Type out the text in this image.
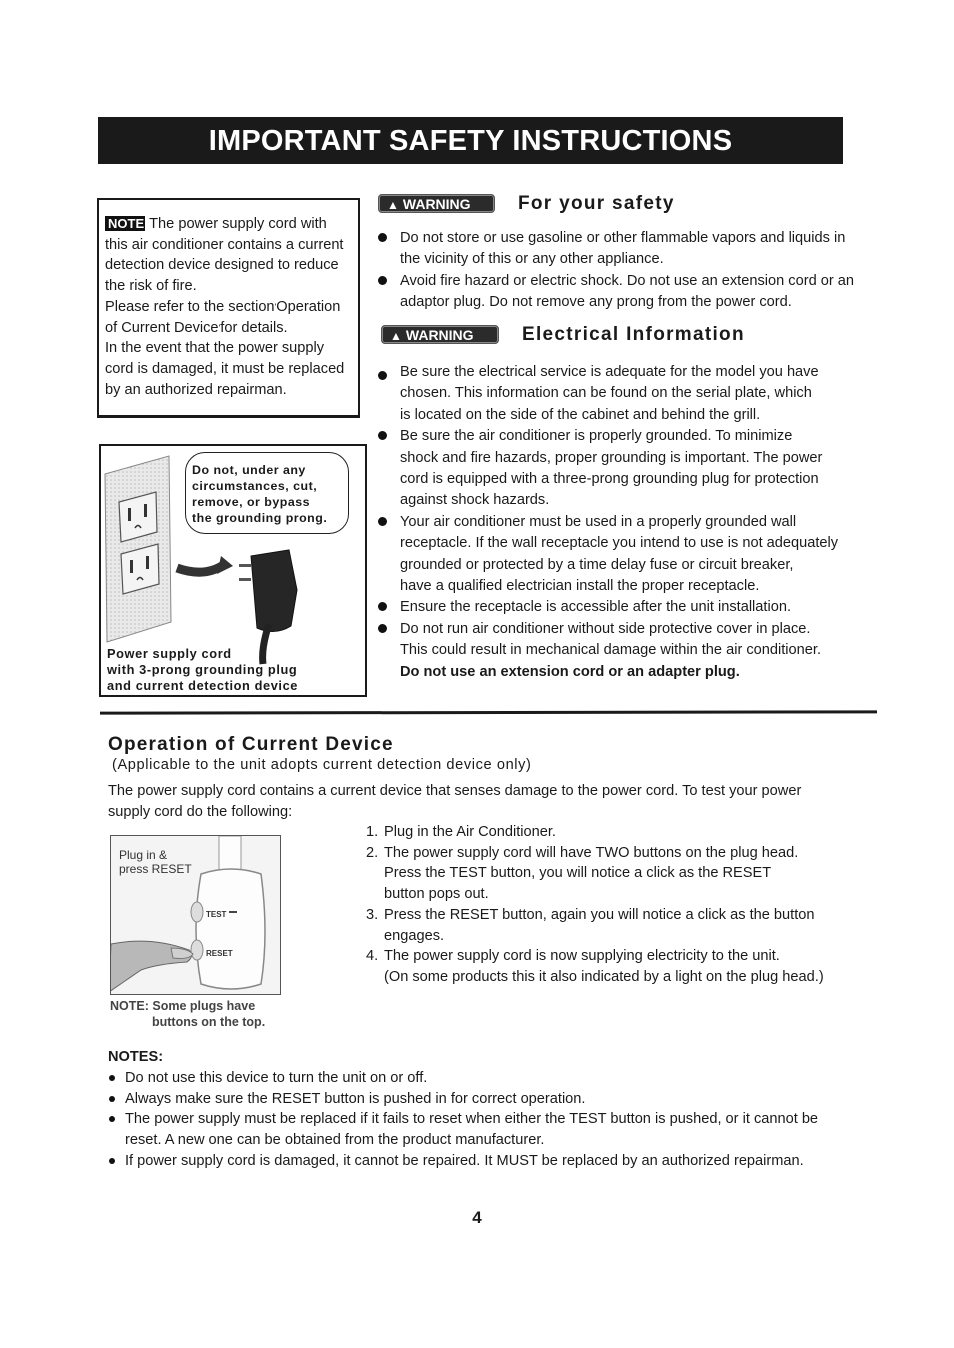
IMPORTANT SAFETY INSTRUCTIONS

NOTE The power supply cord with

this air conditioner contains a current

detection device designed to reduce

the risk of fire.

Please refer to the section'Operation

of Current Device'for details.

In the event that the power supply

cord is damaged, it must be replaced

by an authorized repairman.

▲ WARNING	For your safety
Do not store or use gasoline or other flammable vapors and liquids in
the vicinity of this or any other appliance.
Avoid fire hazard or electric shock. Do not use an extension cord or an
adaptor plug. Do not remove any prong from the power cord.
▲ WARNING	Electrical Information
Be sure the electrical service is adequate for the model you have
chosen. This information can be found on the serial plate, which
is located on the side of the cabinet and behind the grill.
Be sure the air conditioner is properly grounded. To minimize
shock and fire hazards, proper grounding is important. The power
cord is equipped with a three-prong grounding plug for protection
against shock hazards.
Your air conditioner must be used in a properly grounded wall
receptacle. If the wall receptacle you intend to use is not adequately
grounded or protected by a time delay fuse or circuit breaker,
have a qualified electrician install the proper receptacle.
Ensure the receptacle is accessible after the unit installation.
Do not run air conditioner without side protective cover in place.
This could result in mechanical damage within the air conditioner.
Do not use an extension cord or an adapter plug.
Do not, under any
circumstances, cut,
remove, or bypass
the grounding prong.
Power supply cord
with 3-prong grounding plug
and current detection device
Operation of Current Device
(Applicable to the unit adopts current detection device only)
The power supply cord contains a current device that senses damage to the power cord. To test your power
supply cord do the following:
Plug in &
press RESET
TEST
RESET
NOTE: Some plugs have
buttons on the top.
1. Plug in the Air Conditioner.
2. The power supply cord will have TWO buttons on the plug head.
Press the TEST button, you will notice a click as the RESET
button pops out.
3. Press the RESET button, again you will notice a click as the button
engages.
4. The power supply cord is now supplying electricity to the unit.
(On some products this it also indicated by a light on the plug head.)
NOTES:
Do not use this device to turn the unit on or off.
Always make sure the RESET button is pushed in for correct operation.
The power supply must be replaced if it fails to reset when either the TEST button is pushed, or it cannot be
reset. A new one can be obtained from the product manufacturer.
If power supply cord is damaged, it cannot be repaired. It MUST be replaced by an authorized repairman.
4
